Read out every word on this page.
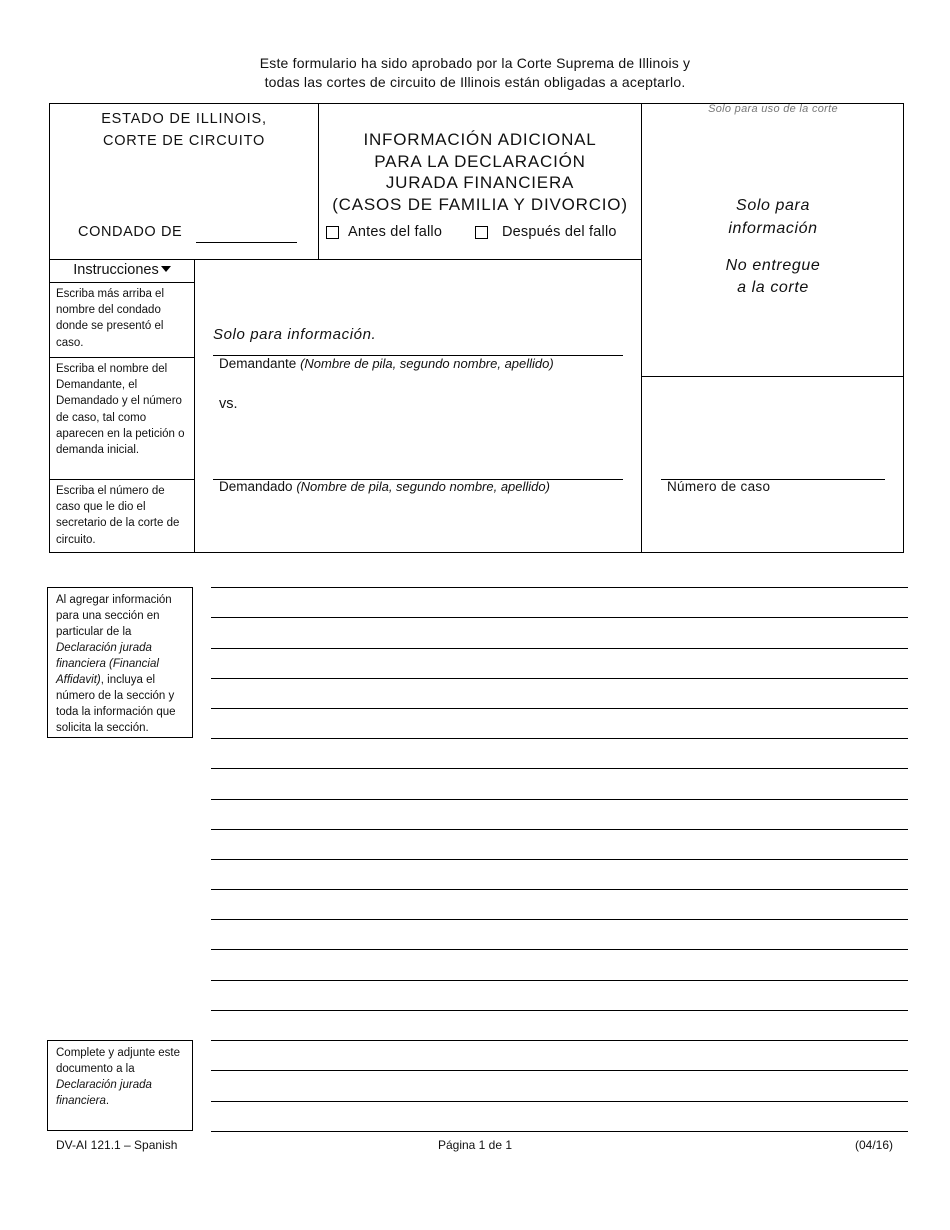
Este formulario ha sido aprobado por la Corte Suprema de Illinois y
todas las cortes de circuito de Illinois están obligadas a aceptarlo.
ESTADO DE ILLINOIS,
CORTE DE CIRCUITO
CONDADO DE
INFORMACIÓN ADICIONAL
PARA LA DECLARACIÓN
JURADA FINANCIERA
(CASOS DE FAMILIA Y DIVORCIO)
Antes del fallo	Después del fallo
Solo para uso de la corte
Solo para
información
No entregue
a la corte
Instrucciones
Escriba más arriba el nombre del condado donde se presentó el caso.
Escriba el nombre del Demandante, el Demandado y el número de caso, tal como aparecen en la petición o demanda inicial.
Escriba el número de caso que le dio el secretario de la corte de circuito.
Solo para información.
Demandante (Nombre de pila, segundo nombre, apellido)
vs.
Demandado (Nombre de pila, segundo nombre, apellido)	Número de caso
Al agregar información para una sección en particular de la Declaración jurada financiera (Financial Affidavit), incluya el número de la sección y toda la información que solicita la sección.
Complete y adjunte este documento a la Declaración jurada financiera.
DV-AI 121.1 – Spanish	Página 1 de 1	(04/16)
